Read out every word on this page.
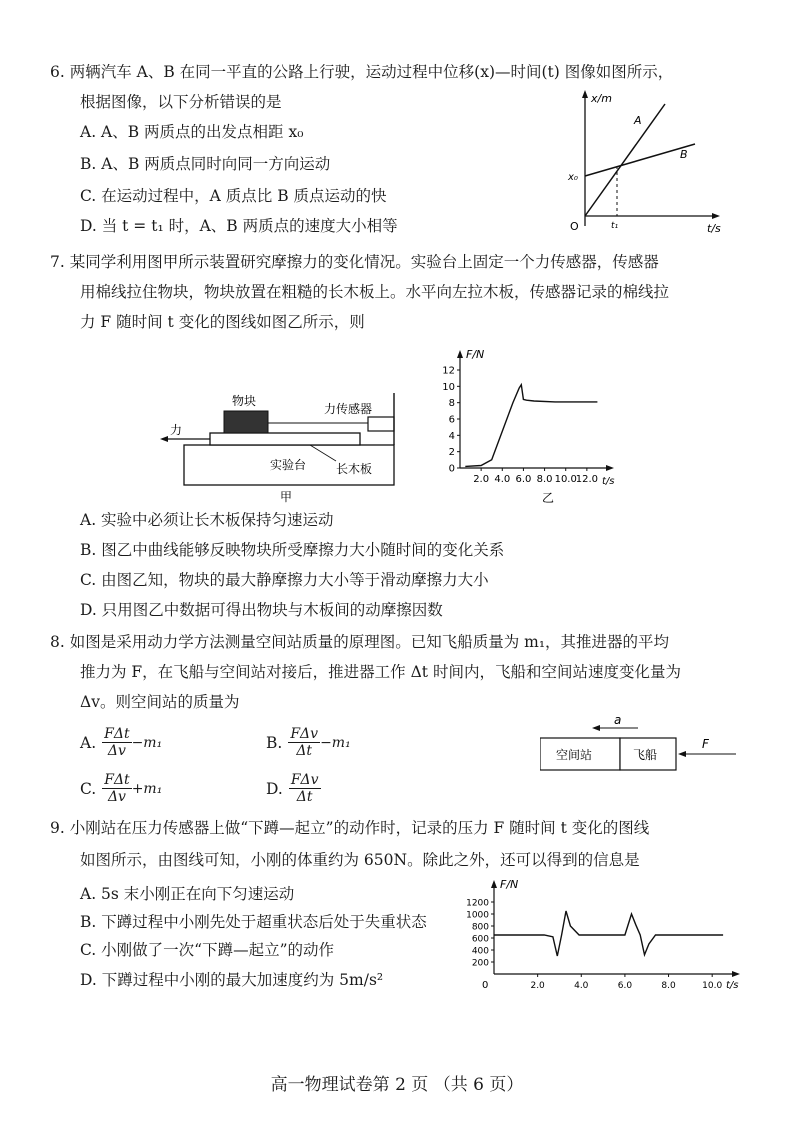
6. 两辆汽车 A、B 在同一平直的公路上行驶，运动过程中位移(x)—时间(t) 图像如图所示，
根据图像，以下分析错误的是
A. A、B 两质点的出发点相距 x₀
B. A、B 两质点同时向同一方向运动
C. 在运动过程中，A 质点比 B 质点运动的快
D. 当 t = t₁ 时，A、B 两质点的速度大小相等
x/m
t/s
O
x₀
A
B
t₁
7. 某同学利用图甲所示装置研究摩擦力的变化情况。实验台上固定一个力传感器，传感器
用棉线拉住物块，物块放置在粗糙的长木板上。水平向左拉木板，传感器记录的棉线拉
力 F 随时间 t 变化的图线如图乙所示，则
力
物块
力传感器
实验台 长木板
甲
F/N
t/s
乙
0
2
4
6
8
10
12
2.0 4.0 6.0 8.0 10.0
12.0
A. 实验中必须让长木板保持匀速运动
B. 图乙中曲线能够反映物块所受摩擦力大小随时间的变化关系
C. 由图乙知，物块的最大静摩擦力大小等于滑动摩擦力大小
D. 只用图乙中数据可得出物块与木板间的动摩擦因数
8. 如图是采用动力学方法测量空间站质量的原理图。已知飞船质量为 m₁，其推进器的平均
推力为 F，在飞船与空间站对接后，推进器工作 Δt 时间内，飞船和空间站速度变化量为
Δv。则空间站的质量为
A. $\frac{\text{FΔt}}{\Delta v} -m_1$	B. $\frac{\text{FΔv}}{\Delta t} -m_1$
C. $\frac{\text{FΔt}}{\Delta v} +m_1$	D. $\frac{\text{FΔv}}{\Delta t}$
空间站	飞船
a
F
9. 小刚站在压力传感器上做“下蹲—起立”的动作时，记录的压力 F 随时间 t 变化的图线
如图所示，由图线可知，小刚的体重约为 650N。除此之外，还可以得到的信息是
A. 5s 末小刚正在向下匀速运动
B. 下蹲过程中小刚先处于超重状态后处于失重状态
C. 小刚做了一次“下蹲—起立”的动作
D. 下蹲过程中小刚的最大加速度约为 5m/s²
F/N
t/s
0
200
400
600
800
1000
1200
2.0	4.0	6.0	8.0	10.0
高一物理试卷第 2 页 （共 6 页）
